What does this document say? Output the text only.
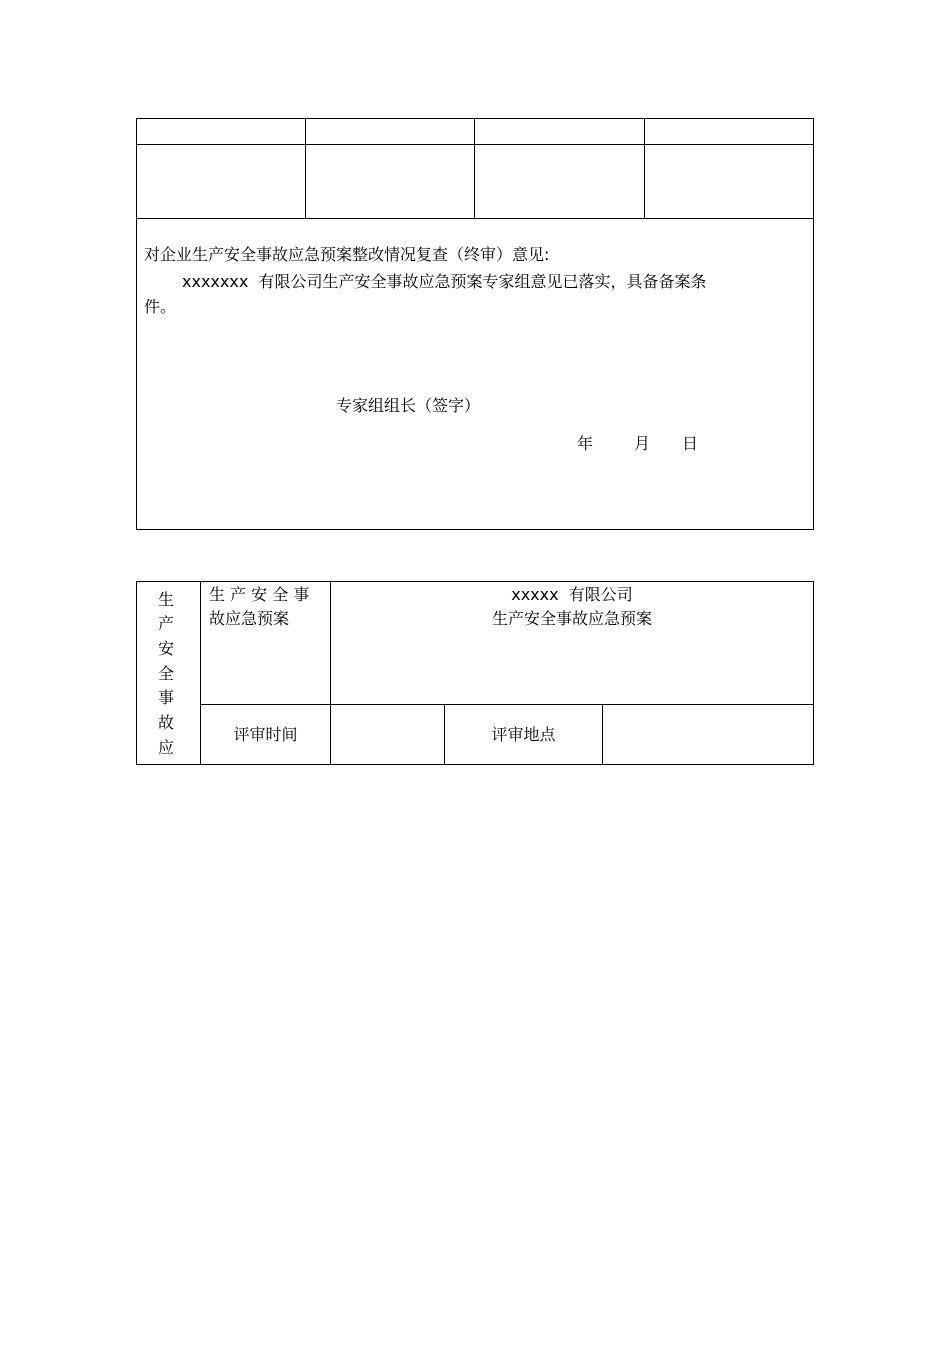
对企业生产安全事故应急预案整改情况复查（终审）意见:
xxxxxxx  有限公司生产安全事故应急预案专家组意见已落实，具备备案条
件。
专家组组长（签字）
年	月 日
生
产
安
全
事
故
应
生 产 安 全 事
故应急预案
xxxxx  有限公司
生产安全事故应急预案
评审时间	评审地点
